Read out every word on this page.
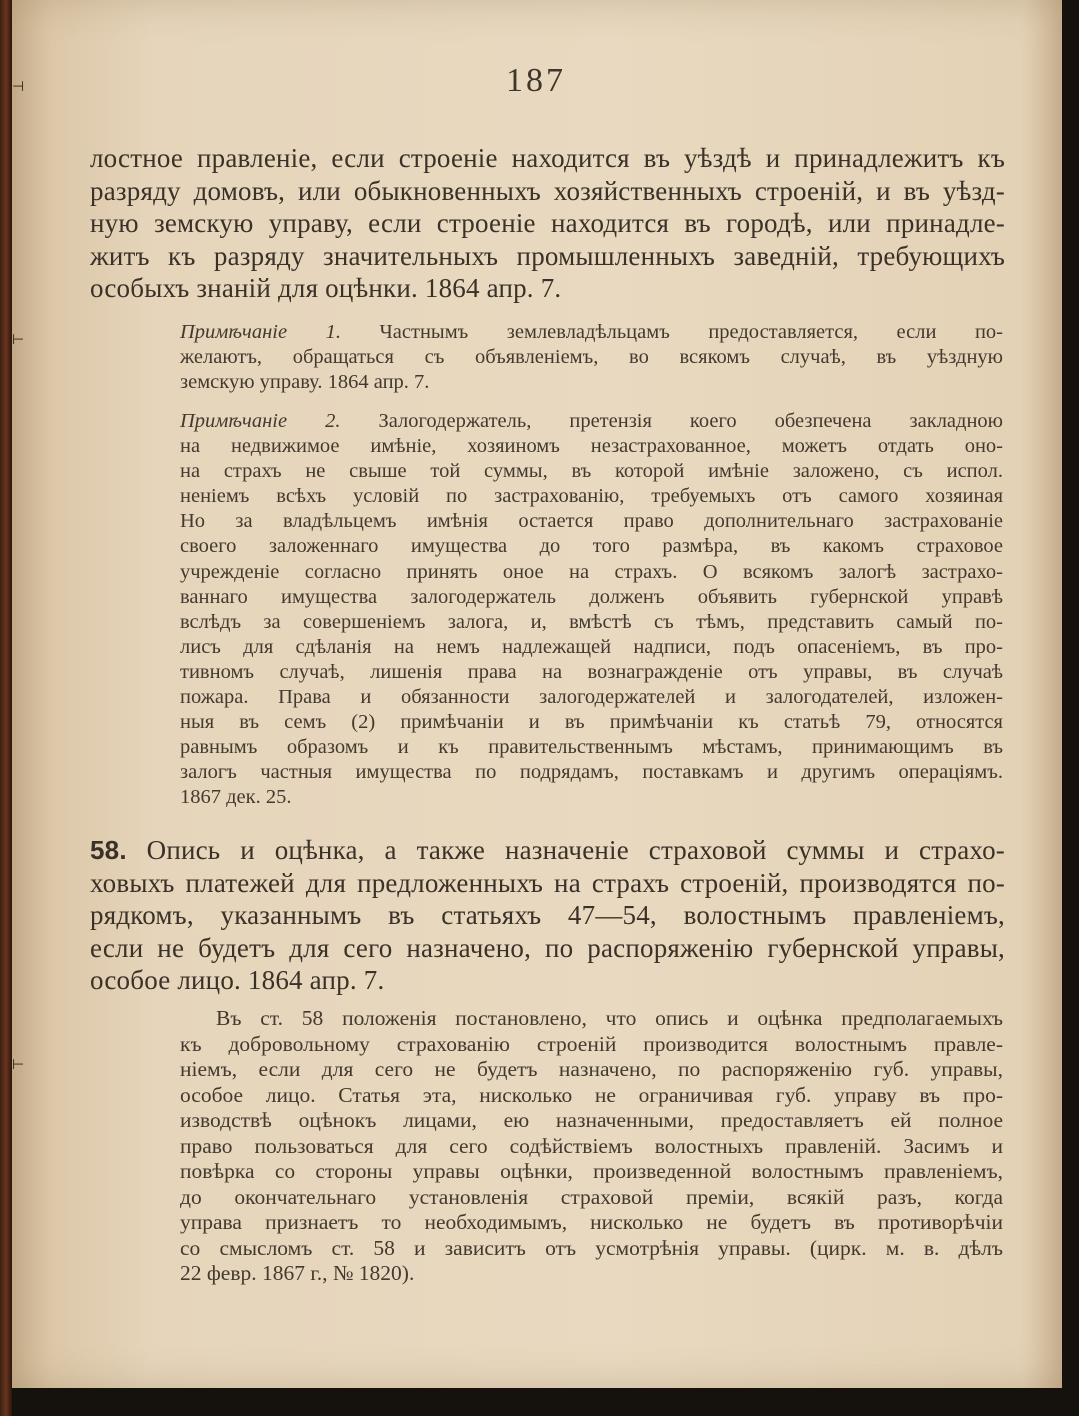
⊣
⊢
⊢
187

лостное правленіе, если строеніе находится въ уѣздѣ и принадлежитъ къ
разряду домовъ, или обыкновенныхъ хозяйственныхъ строеній, и въ уѣзд-
ную земскую управу, если строеніе находится въ городѣ, или принадле-
житъ къ разряду значительныхъ промышленныхъ заведній, требующихъ
особыхъ знаній для оцѣнки. 1864 апр. 7.

Примѣчаніе 1. Частнымъ землевладѣльцамъ предоставляется, если по-
желаютъ, обращаться съ объявленіемъ, во всякомъ случаѣ, въ уѣздную
земскую управу. 1864 апр. 7.

Примѣчаніе 2. Залогодержатель, претензія коего обезпечена закладною
на недвижимое имѣніе, хозяиномъ незастрахованное, можетъ отдать оно-
на страхъ не свыше той суммы, въ которой имѣніе заложено, съ испол.
неніемъ всѣхъ условій по застрахованію, требуемыхъ отъ самого хозяиная
Но за владѣльцемъ имѣнія остается право дополнительнаго застрахованіе
своего заложеннаго имущества до того размѣра, въ какомъ страховое
учрежденіе согласно принять оное на страхъ. О всякомъ залогѣ застрахо-
ваннаго имущества залогодержатель долженъ объявить губернской управѣ
вслѣдъ за совершеніемъ залога, и, вмѣстѣ съ тѣмъ, представить самый по-
лисъ для сдѣланія на немъ надлежащей надписи, подъ опасеніемъ, въ про-
тивномъ случаѣ, лишенія права на вознагражденіе отъ управы, въ случаѣ
пожара. Права и обязанности залогодержателей и залогодателей, изложен-
ныя въ семъ (2) примѣчаніи и въ примѣчаніи къ статьѣ 79, относятся
равнымъ образомъ и къ правительственнымъ мѣстамъ, принимающимъ въ
залогъ частныя имущества по подрядамъ, поставкамъ и другимъ операціямъ.
1867 дек. 25.

58. Опись и оцѣнка, а также назначеніе страховой суммы и страхо-
ховыхъ платежей для предложенныхъ на страхъ строеній, производятся по-
рядкомъ, указаннымъ въ статьяхъ 47—54, волостнымъ правленіемъ,
если не будетъ для сего назначено, по распоряженію губернской управы,
особое лицо. 1864 апр. 7.

Въ ст. 58 положенія постановлено, что опись и оцѣнка предполагаемыхъ
къ добровольному страхованію строеній производится волостнымъ правле-
ніемъ, если для сего не будетъ назначено, по распоряженію губ. управы,
особое лицо. Статья эта, нисколько не ограничивая губ. управу въ про-
изводствѣ оцѣнокъ лицами, ею назначенными, предоставляетъ ей полное
право пользоваться для сего содѣйствіемъ волостныхъ правленій. Засимъ и
повѣрка со стороны управы оцѣнки, произведенной волостнымъ правленіемъ,
до окончательнаго установленія страховой преміи, всякій разъ, когда
управа признаетъ то необходимымъ, нисколько не будетъ въ противорѣчіи
со смысломъ ст. 58 и зависитъ отъ усмотрѣнія управы. (цирк. м. в. дѣлъ
22 февр. 1867 г., № 1820).
